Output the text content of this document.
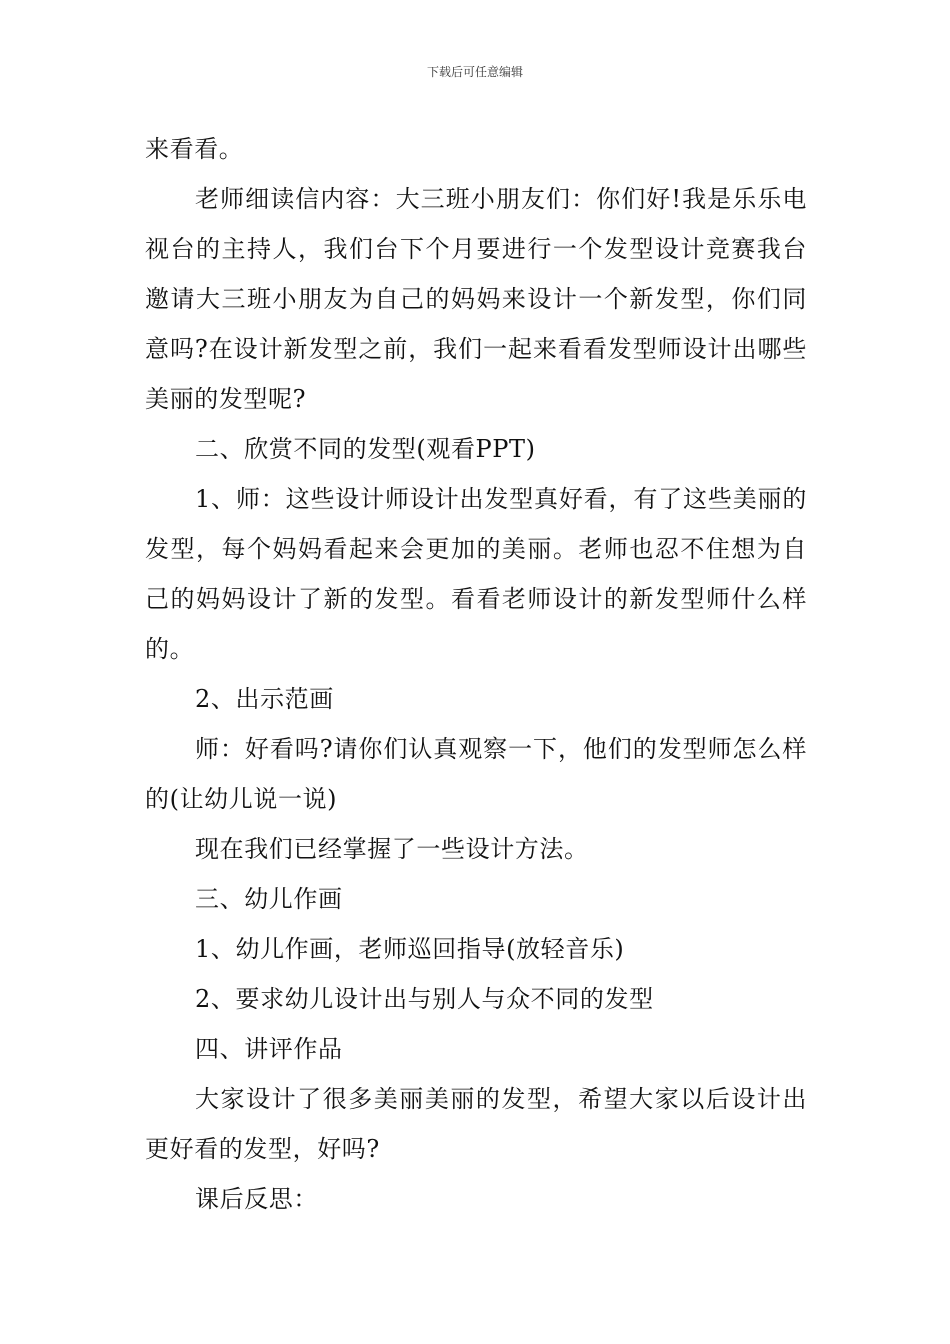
下载后可任意编辑

来看看。

老师细读信内容：大三班小朋友们：你们好!我是乐乐电视台的主持人，我们台下个月要进行一个发型设计竞赛我台邀请大三班小朋友为自己的妈妈来设计一个新发型，你们同意吗?在设计新发型之前，我们一起来看看发型师设计出哪些美丽的发型呢?

二、欣赏不同的发型(观看PPT)

1、师：这些设计师设计出发型真好看，有了这些美丽的发型，每个妈妈看起来会更加的美丽。老师也忍不住想为自己的妈妈设计了新的发型。看看老师设计的新发型师什么样的。

2、出示范画

师：好看吗?请你们认真观察一下，他们的发型师怎么样的(让幼儿说一说)

现在我们已经掌握了一些设计方法。

三、幼儿作画

1、幼儿作画，老师巡回指导(放轻音乐)

2、要求幼儿设计出与别人与众不同的发型

四、讲评作品

大家设计了很多美丽美丽的发型，希望大家以后设计出更好看的发型，好吗?

课后反思：
